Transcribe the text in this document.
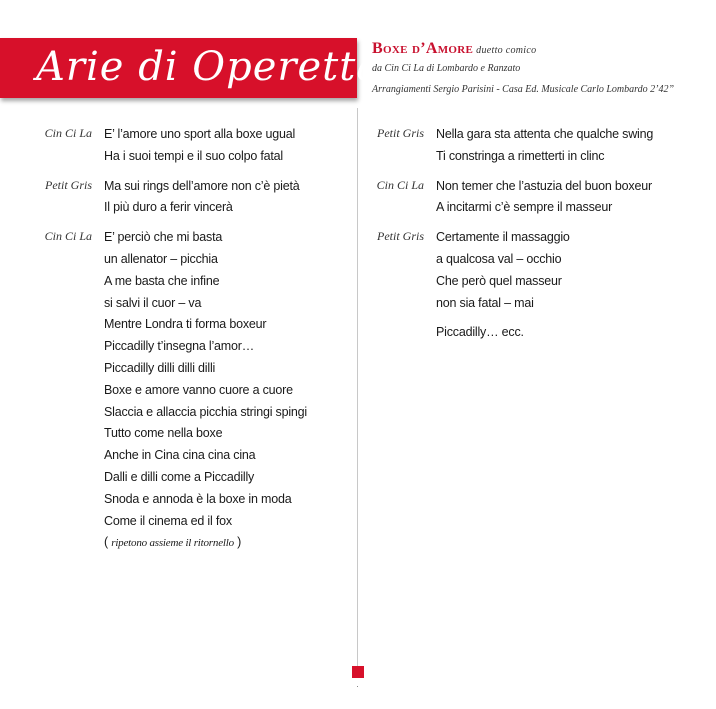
Arie di Operetta
Boxe d’Amore duetto comico
da Cin Ci La di Lombardo e Ranzato
Arrangiamenti Sergio Parisini - Casa Ed. Musicale Carlo Lombardo 2’42”
Cin Ci La E’ l’amore uno sport alla boxe ugual
Ha i suoi tempi e il suo colpo fatal
Petit Gris Ma sui rings dell’amore non c’è pietà
Il più duro a ferir vincerà
Cin Ci La E’ perciò che mi basta
un allenator – picchia
A me basta che infine
si salvi il cuor – va
Mentre Londra ti forma boxeur
Piccadilly t’insegna l’amor…
Piccadilly dilli dilli dilli
Boxe e amore vanno cuore a cuore
Slaccia e allaccia picchia stringi spingi
Tutto come nella boxe
Anche in Cina cina cina cina
Dalli e dilli come a Piccadilly
Snoda e annoda è la boxe in moda
Come il cinema ed il fox
( ripetono assieme il ritornello )
Petit Gris Nella gara sta attenta che qualche swing
Ti constringa a rimetterti in clinc
Cin Ci La Non temer che l’astuzia del buon boxeur
A incitarmi c’è sempre il masseur
Petit Gris Certamente il massaggio
a qualcosa val – occhio
Che però quel masseur
non sia fatal – mai
Piccadilly… ecc.
